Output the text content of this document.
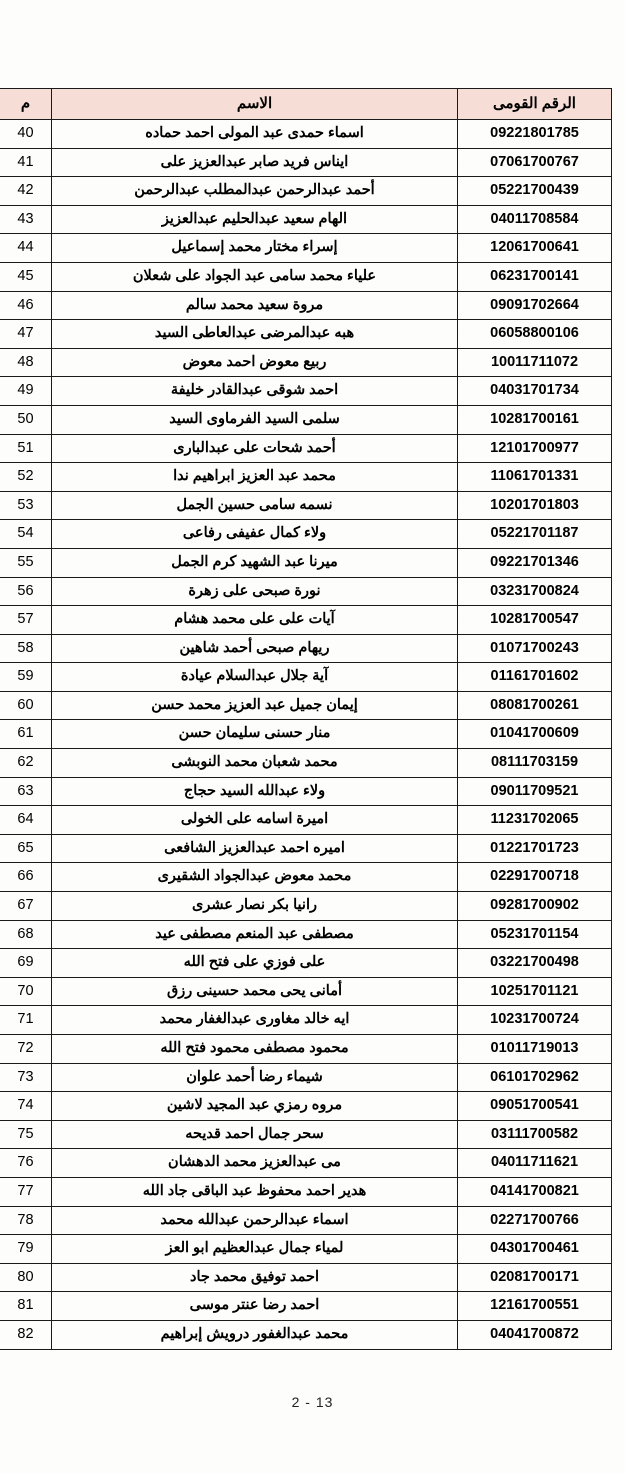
الرقم القومى	الاسم	م
09221801785	اسماء حمدى عبد المولى احمد حماده	40
07061700767	ايناس فريد صابر عبدالعزيز على	41
05221700439	أحمد عبدالرحمن عبدالمطلب عبدالرحمن	42
04011708584	الهام سعيد عبدالحليم عبدالعزيز	43
12061700641	إسراء مختار محمد إسماعيل	44
06231700141	علياء محمد سامى عبد الجواد على شعلان	45
09091702664	مروة سعيد محمد سالم	46
06058800106	هبه عبدالمرضى عبدالعاطى السيد	47
10011711072	ربيع معوض احمد معوض	48
04031701734	احمد شوقى عبدالقادر خليفة	49
10281700161	سلمى السيد الفرماوى السيد	50
12101700977	أحمد شحات على عبدالبارى	51
11061701331	محمد عبد العزيز ابراهيم ندا	52
10201701803	نسمه سامى حسين الجمل	53
05221701187	ولاء كمال عفيفى رفاعى	54
09221701346	ميرنا عبد الشهيد كرم الجمل	55
03231700824	نورة صبحى على زهرة	56
10281700547	آيات على على محمد هشام	57
01071700243	ريهام صبحى أحمد شاهين	58
01161701602	آية جلال عبدالسلام عيادة	59
08081700261	إيمان جميل عبد العزيز محمد حسن	60
01041700609	منار حسنى سليمان حسن	61
08111703159	محمد شعبان محمد النوبشى	62
09011709521	ولاء عبدالله السيد حجاج	63
11231702065	اميرة اسامه على الخولى	64
01221701723	اميره احمد عبدالعزيز الشافعى	65
02291700718	محمد معوض عبدالجواد الشقيرى	66
09281700902	رانيا بكر نصار عشرى	67
05231701154	مصطفى عبد المنعم مصطفى عيد	68
03221700498	على فوزي على فتح الله	69
10251701121	أمانى يحى محمد حسينى رزق	70
10231700724	ايه خالد مغاورى عبدالغفار محمد	71
01011719013	محمود مصطفى محمود فتح الله	72
06101702962	شيماء رضا أحمد علوان	73
09051700541	مروه رمزي عبد المجيد لاشين	74
03111700582	سحر جمال احمد قديحه	75
04011711621	مى عبدالعزيز محمد الدهشان	76
04141700821	هدير احمد محفوظ عبد الباقى جاد الله	77
02271700766	اسماء عبدالرحمن عبدالله محمد	78
04301700461	لمياء جمال عبدالعظيم ابو العز	79
02081700171	احمد توفيق محمد جاد	80
12161700551	احمد رضا عنتر موسى	81
04041700872	محمد عبدالغفور درويش إبراهيم	82
2 - 13
